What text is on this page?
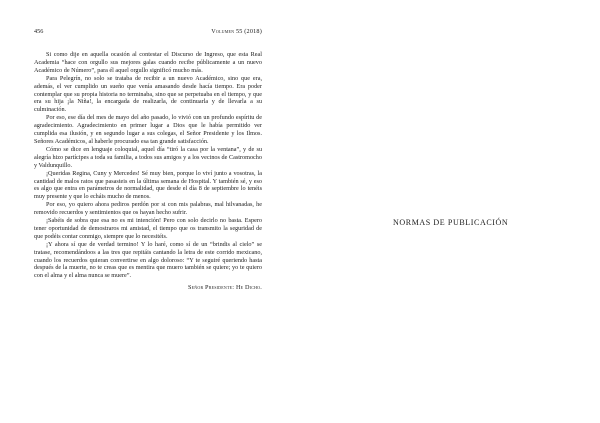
456	Volumen 55 (2018)

Si como dije en aquella ocasión al contestar el Discurso de Ingreso, que esta Real Academia “hace con orgullo sus mejores galas cuando recibe públicamente a un nuevo Académico de Número”, para él aquel orgullo significó mucho más.

Para Pelegrín, no solo se trataba de recibir a un nuevo Académico, sino que era, además, el ver cumplido un sueño que venía amasando desde hacía tiempo. Era poder contemplar que su propia historia no terminaba, sino que se perpetuaba en el tiempo, y que era su hija ¡la Niña!, la encargada de realizarla, de continuarla y de llevarla a su culminación.

Por eso, ese día del mes de mayo del año pasado, lo vivió con un profundo espíritu de agradecimiento. Agradecimiento en primer lugar a Dios que le había permitido ver cumplida esa ilusión, y en segundo lugar a sus colegas, el Señor Presidente y los Ilmos. Señores Académicos, al haberle procurado esa tan grande satisfacción.

Cómo se dice en lenguaje coloquial, aquel día “tiró la casa por la ventana”, y de su alegría hizo partícipes a toda su familia, a todos sus amigos y a los vecinos de Castromocho y Valdunquillo.

¡Queridas Regina, Cuny y Mercedes! Sé muy bien, porque lo viví junto a vosotras, la cantidad de malos ratos que pasasteis en la última semana de Hospital. Y también sé, y eso es algo que entra en parámetros de normalidad, que desde el día 8 de septiembre lo tenéis muy presente y que lo echáis mucho de menos.

Por eso, yo quiero ahora pediros perdón por si con mis palabras, mal hilvanadas, he removido recuerdos y sentimientos que os hayan hecho sufrir.

¡Sabéis de sobra que esa no es mi intención! Pero con solo decirlo no basta. Espero tener oportunidad de demostraros mi amistad, el tiempo que os transmito la seguridad de que podéis contar conmigo, siempre que lo necesitéis.

¡Y ahora sí que de verdad termino! Y lo haré, como sí de un “brindis al cielo” se tratase, recomendándoos a las tres que repitáis cantando la letra de este corrido mexicano, cuando los recuerdos quieran convertirse en algo doloroso: “Y te seguiré queriendo hasta después de la muerte, no te creas que es mentira que muero también se quiere; yo te quiero con el alma y el alma nunca se muere”.

Señor Presidente: He Dicho.

NORMAS DE PUBLICACIÓN
